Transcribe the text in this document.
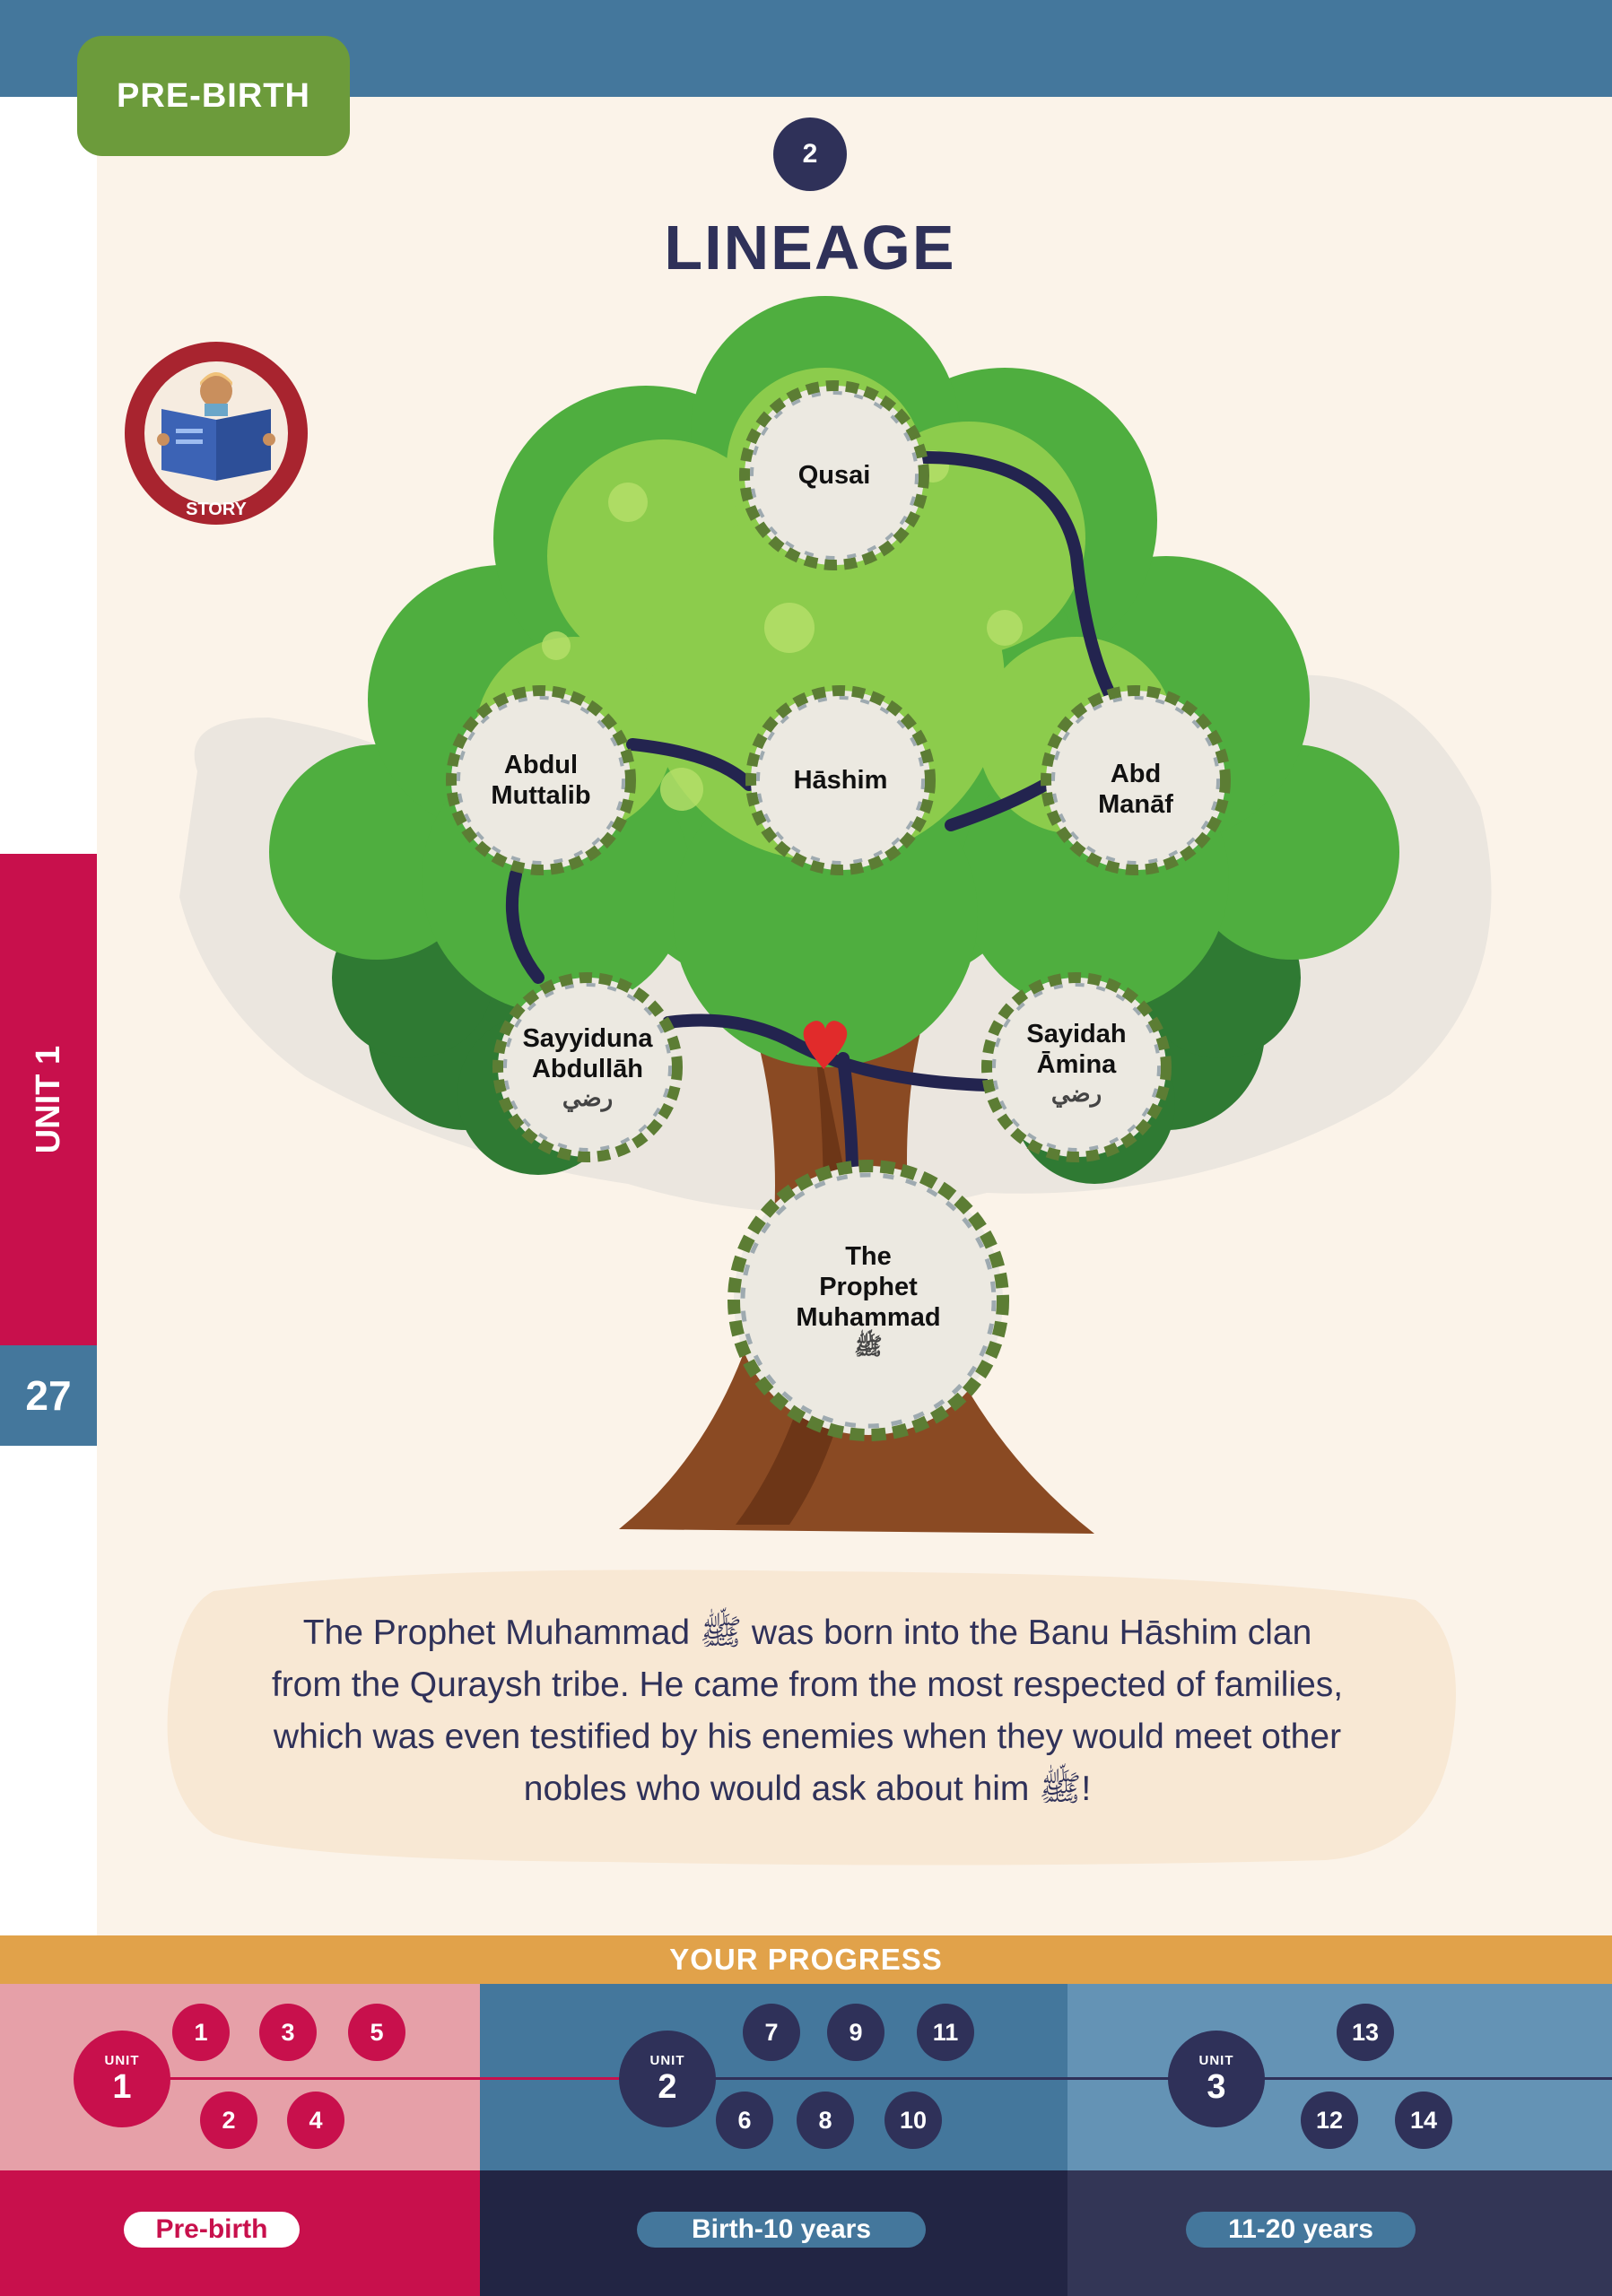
PRE-BIRTH
UNIT 1
27
2
LINEAGE
STORY
Qusai
Abdul
Muttalib
Hāshim	Abd
Manāf
Sayyiduna
Abdullāh
رضي
Sayidah
Āmina
رضي
The
Prophet
Muhammad
ﷺ
The Prophet Muhammad ﷺ was born into the Banu Hāshim clan
from the Quraysh tribe. He came from the most respected of families,
which was even testified by his enemies when they would meet other
nobles who would ask about him ﷺ!
YOUR PROGRESS
UNIT
1
1	3	5
2	4
UNIT
2
7	9	11
6	8	10
UNIT
3
13
12	14
Pre-birth	Birth-10 years	11-20 years
